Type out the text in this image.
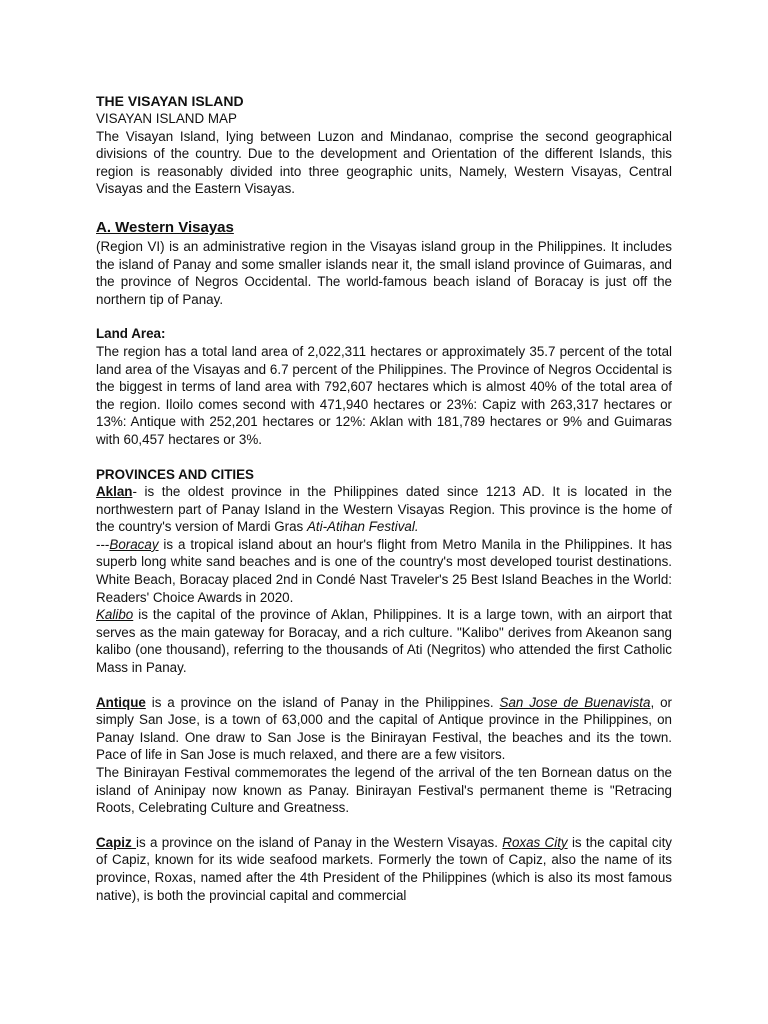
THE VISAYAN ISLAND

VISAYAN ISLAND MAP

The Visayan Island, lying between Luzon and Mindanao, comprise the second geographical divisions of the country. Due to the development and Orientation of the different Islands, this region is reasonably divided into three geographic units, Namely, Western Visayas, Central Visayas and the Eastern Visayas.

A. Western Visayas

(Region VI) is an administrative region in the Visayas island group in the Philippines. It includes the island of Panay and some smaller islands near it, the small island province of Guimaras, and the province of Negros Occidental. The world-famous beach island of Boracay is just off the northern tip of Panay.

Land Area:

The region has a total land area of 2,022,311 hectares or approximately 35.7 percent of the total land area of the Visayas and 6.7 percent of the Philippines. The Province of Negros Occidental is the biggest in terms of land area with 792,607 hectares which is almost 40% of the total area of the region. Iloilo comes second with 471,940 hectares or 23%: Capiz with 263,317 hectares or 13%: Antique with 252,201 hectares or 12%: Aklan with 181,789 hectares or 9% and Guimaras with 60,457 hectares or 3%.

PROVINCES AND CITIES

Aklan- is the oldest province in the Philippines dated since 1213 AD. It is located in the northwestern part of Panay Island in the Western Visayas Region. This province is the home of the country's version of Mardi Gras Ati-Atihan Festival.

---Boracay is a tropical island about an hour's flight from Metro Manila in the Philippines. It has superb long white sand beaches and is one of the country's most developed tourist destinations. White Beach, Boracay placed 2nd in Condé Nast Traveler's 25 Best Island Beaches in the World: Readers' Choice Awards in 2020.

Kalibo is the capital of the province of Aklan, Philippines. It is a large town, with an airport that serves as the main gateway for Boracay, and a rich culture. "Kalibo" derives from Akeanon sang kalibo (one thousand), referring to the thousands of Ati (Negritos) who attended the first Catholic Mass in Panay.

Antique is a province on the island of Panay in the Philippines. San Jose de Buenavista, or simply San Jose, is a town of 63,000 and the capital of Antique province in the Philippines, on Panay Island. One draw to San Jose is the Binirayan Festival, the beaches and its the town. Pace of life in San Jose is much relaxed, and there are a few visitors.

The Binirayan Festival commemorates the legend of the arrival of the ten Bornean datus on the island of Aninipay now known as Panay. Binirayan Festival's permanent theme is "Retracing Roots, Celebrating Culture and Greatness.

Capiz is a province on the island of Panay in the Western Visayas. Roxas City is the capital city of Capiz, known for its wide seafood markets. Formerly the town of Capiz, also the name of its province, Roxas, named after the 4th President of the Philippines (which is also its most famous native), is both the provincial capital and commercial
